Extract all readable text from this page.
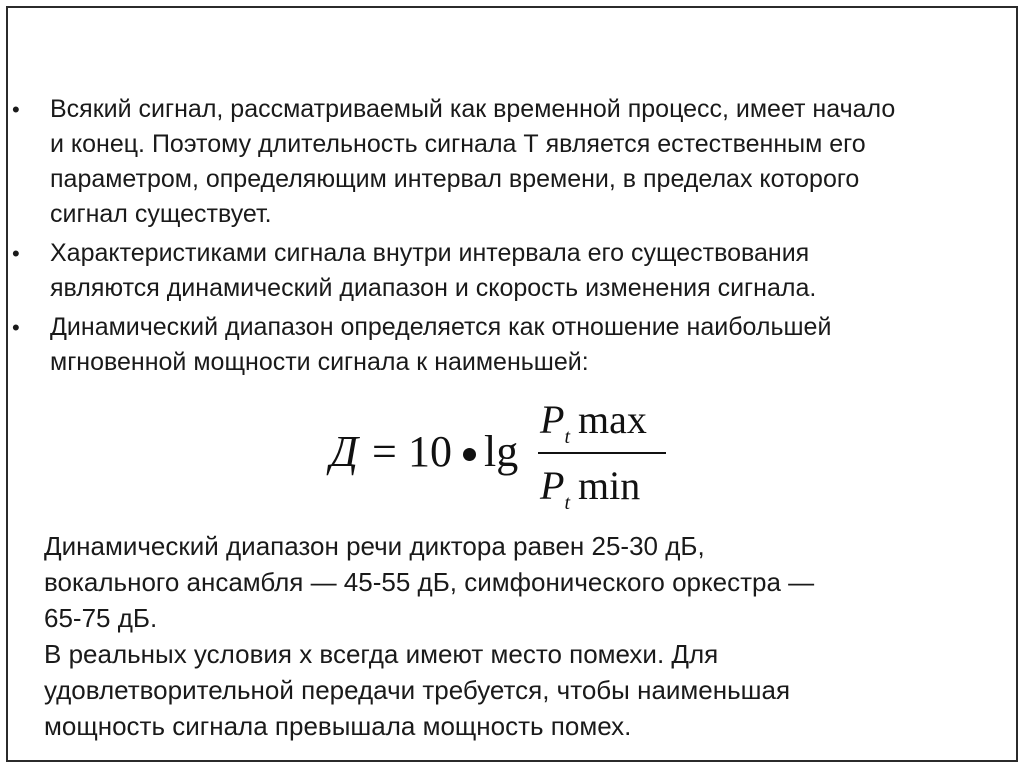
•	Всякий сигнал, рассматриваемый как временной процесс, имеет начало
и конец. Поэтому длительность сигнала Т является естественным его
параметром, определяющим интервал времени, в пределах которого
сигнал существует.
•	Характеристиками сигнала внутри интервала его существования
являются динамический диапазон и скорость изменения сигнала.
•	Динамический диапазон определяется как отношение наибольшей
мгновенной мощности сигнала к наименьшей:
Д = 10 lg
$P_t$ max
$P_t$ min
Динамический диапазон речи диктора равен 25-30 дБ,
вокального ансамбля — 45-55 дБ, симфонического оркестра —
65-75 дБ.
В реальных условия х всегда имеют место помехи. Для
удовлетворительной передачи требуется, чтобы наименьшая
мощность сигнала превышала мощность помех.
